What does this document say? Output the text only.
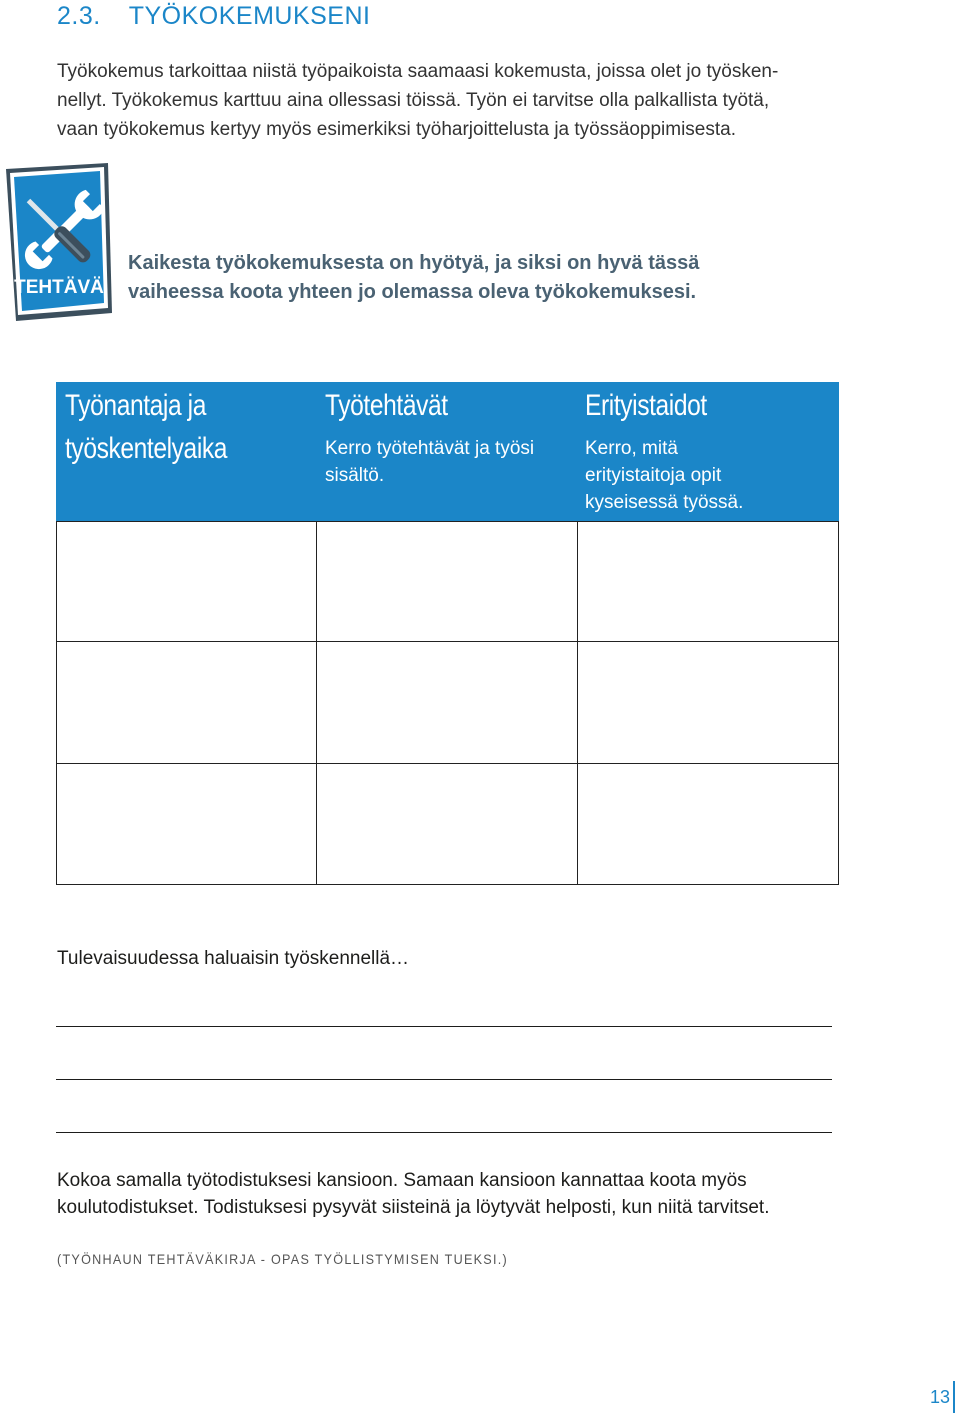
2.3. TYÖKOKEMUKSENI

Työkokemus tarkoittaa niistä työpaikoista saamaasi kokemusta, joissa olet jo työsken-
nellyt. Työkokemus karttuu aina ollessasi töissä. Työn ei tarvitse olla palkallista työtä,
vaan työkokemus kertyy myös esimerkiksi työharjoittelusta ja työssäoppimisesta.

TEHTÄVÄ

Kaikesta työkokemuksesta on hyötyä, ja siksi on hyvä tässä
vaiheessa koota yhteen jo olemassa oleva työkokemuksesi.

Työnantaja ja
työskentelyaika
Työtehtävät
Kerro työtehtävät ja työsi
sisältö.
Erityistaidot
Kerro, mitä
erityistaitoja opit
kyseisessä työssä.
Tulevaisuudessa haluaisin työskennellä…

Kokoa samalla työtodistuksesi kansioon. Samaan kansioon kannattaa koota myös
koulutodistukset. Todistuksesi pysyvät siisteinä ja löytyvät helposti, kun niitä tarvitset.

(TYÖNHAUN TEHTÄVÄKIRJA - OPAS TYÖLLISTYMISEN TUEKSI.)
13
